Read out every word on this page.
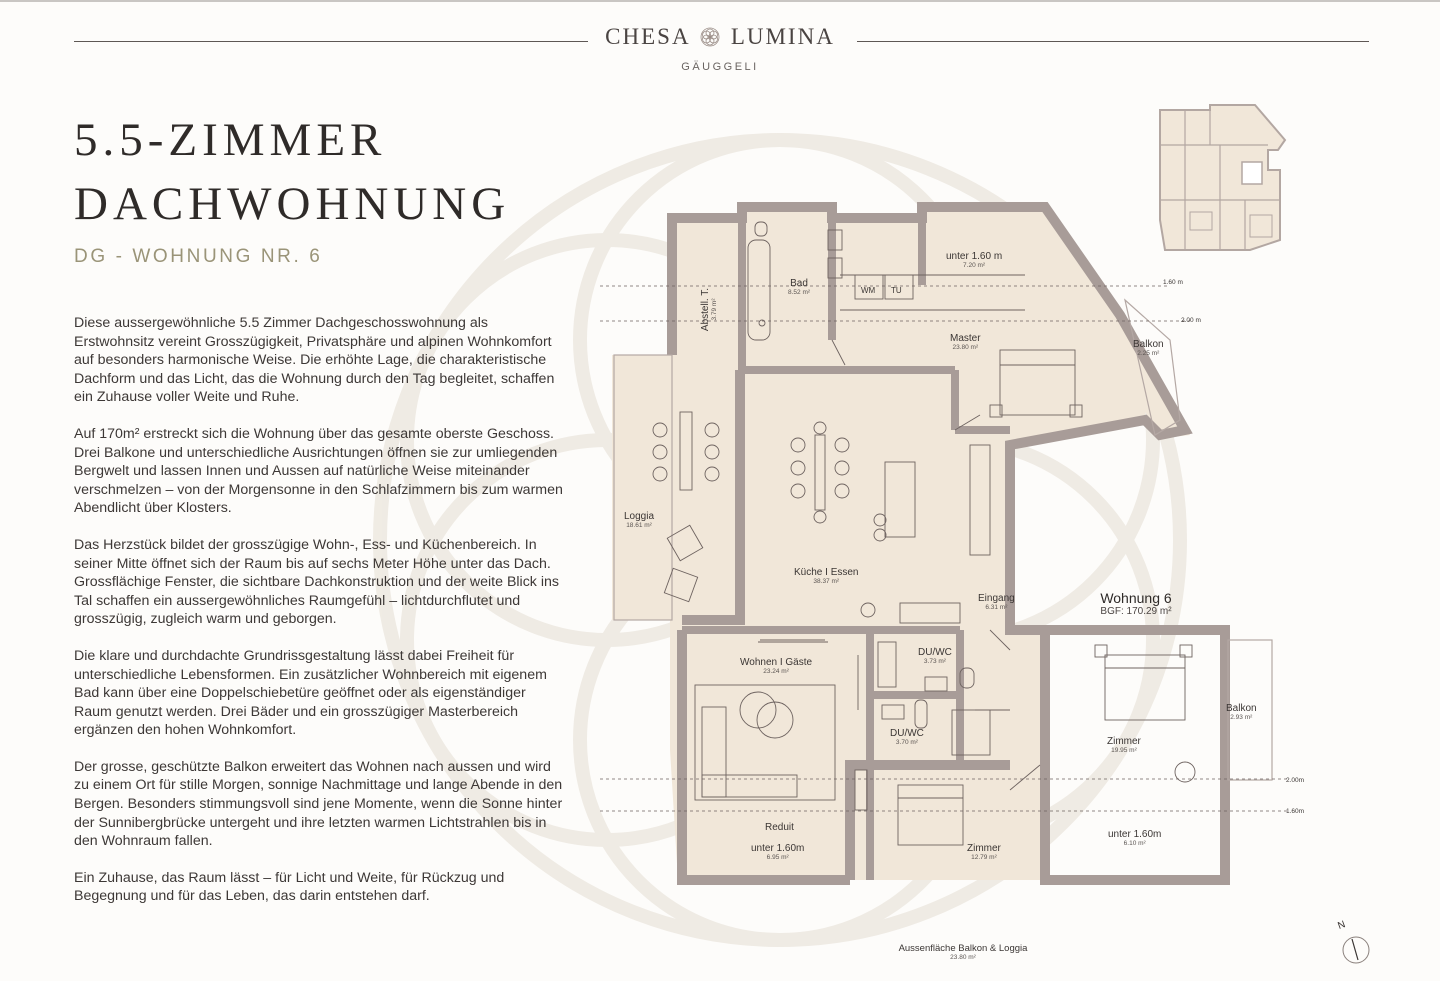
CHESA LUMINA
GÄUGGELI
5.5-ZIMMER
DACHWOHNUNG
DG - WOHNUNG NR. 6

Diese aussergewöhnliche 5.5 Zimmer Dachgeschosswohnung als Erstwohnsitz vereint Grosszügigkeit, Privatsphäre und alpinen Wohnkomfort auf besonders harmonische Weise. Die erhöhte Lage, die charakteristische Dachform und das Licht, das die Wohnung durch den Tag begleitet, schaffen ein Zuhause voller Weite und Ruhe.

Auf 170m² erstreckt sich die Wohnung über das gesamte oberste Geschoss. Drei Balkone und unterschiedliche Ausrichtungen öffnen sie zur umliegenden Bergwelt und lassen Innen und Aussen auf natürliche Weise miteinander verschmelzen – von der Morgensonne in den Schlafzimmern bis zum warmen Abendlicht über Klosters.

Das Herzstück bildet der grosszügige Wohn-, Ess- und Küchenbereich. In seiner Mitte öffnet sich der Raum bis auf sechs Meter Höhe unter das Dach. Grossflächige Fenster, die sichtbare Dachkonstruktion und der weite Blick ins Tal schaffen ein aussergewöhnliches Raumgefühl – lichtdurchflutet und grosszügig, zugleich warm und geborgen.

Die klare und durchdachte Grundrissgestaltung lässt dabei Freiheit für unterschiedliche Lebensformen. Ein zusätzlicher Wohnbereich mit eigenem Bad kann über eine Doppelschiebetüre geöffnet oder als eigenständiger Raum genutzt werden. Drei Bäder und ein grosszügiger Masterbereich ergänzen den hohen Wohnkomfort.

Der grosse, geschützte Balkon erweitert das Wohnen nach aussen und wird zu einem Ort für stille Morgen, sonnige Nachmittage und lange Abende in den Bergen. Besonders stimmungsvoll sind jene Momente, wenn die Sonne hinter der Sunnibergbrücke untergeht und ihre letzten warmen Lichtstrahlen bis in den Wohnraum fallen.

Ein Zuhause, das Raum lässt – für Licht und Weite, für Rückzug und Begegnung und für das Leben, das darin entstehen darf.

Bad
8.52 m²
Abstell. T. 3.79 m²
unter 1.60 m
7.20 m²
Master
23.80 m²	Balkon
2.25 m²
Loggia
18.61 m²
Küche I Essen
38.37 m²
Eingang
6.31 m²
Wohnen I Gäste
23.24 m²
DU/WC
3.73 m²
DU/WC
3.70 m²	Zimmer
19.95 m²
Balkon
2.93 m²
Reduit
unter 1.60m
6.95 m²
Zimmer
12.79 m²
unter 1.60m
6.10 m²
WM TU
1.60 m
2.00 m
2.00m
1.60m
Wohnung 6
BGF: 170.29 m²
Aussenfläche Balkon & Loggia
23.80 m²
N
